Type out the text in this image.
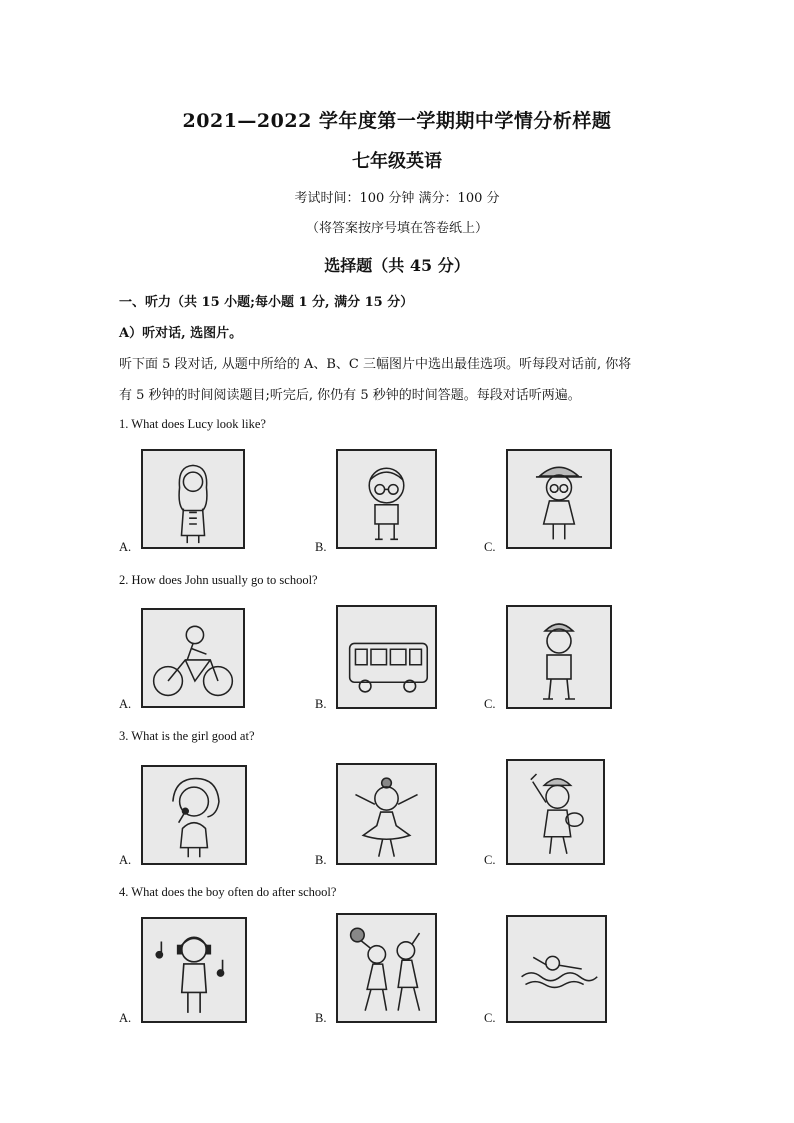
2021—2022 学年度第一学期期中学情分析样题
七年级英语
考试时间：100 分钟 满分：100 分
（将答案按序号填在答卷纸上）
选择题（共 45 分）
一、听力（共 15 小题;每小题 1 分, 满分 15 分）
A）听对话, 选图片。
听下面 5 段对话, 从题中所给的 A、B、C 三幅图片中选出最佳选项。听每段对话前, 你将
有 5 秒钟的时间阅读题目;听完后, 你仍有 5 秒钟的时间答题。每段对话听两遍。
1. What does Lucy look like?
A.	B.	C.
2. How does John usually go to school?
A.	B.	C.
3. What is the girl good at?
A.	B.	C.
4. What does the boy often do after school?
A.	B.	C.
